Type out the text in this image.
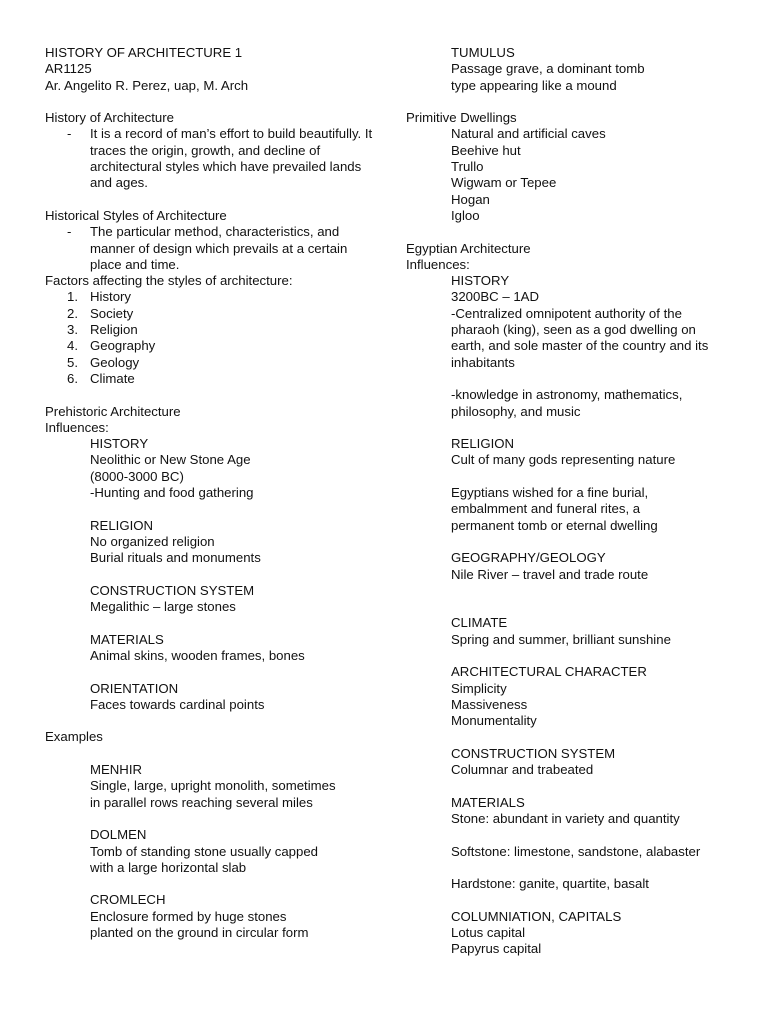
HISTORY OF ARCHITECTURE 1
AR1125
Ar. Angelito R. Perez, uap, M. Arch
History of Architecture
- It is a record of man’s effort to build beautifully. It traces the origin, growth, and decline of architectural styles which have prevailed lands and ages.
Historical Styles of Architecture
- The particular method, characteristics, and manner of design which prevails at a certain place and time.
Factors affecting the styles of architecture:
1. History
2. Society
3. Religion
4. Geography
5. Geology
6. Climate
Prehistoric Architecture
Influences:
HISTORY
Neolithic or New Stone Age
(8000-3000 BC)
-Hunting and food gathering
RELIGION
No organized religion
Burial rituals and monuments
CONSTRUCTION SYSTEM
Megalithic – large stones
MATERIALS
Animal skins, wooden frames, bones
ORIENTATION
Faces towards cardinal points
Examples
MENHIR
Single, large, upright monolith, sometimes
in parallel rows reaching several miles
DOLMEN
Tomb of standing stone usually capped
with a large horizontal slab
CROMLECH
Enclosure formed by huge stones
planted on the ground in circular form
TUMULUS
Passage grave, a dominant tomb
type appearing like a mound
Primitive Dwellings
Natural and artificial caves
Beehive hut
Trullo
Wigwam or Tepee
Hogan
Igloo
Egyptian Architecture
Influences:
HISTORY
3200BC – 1AD
-Centralized omnipotent authority of the
pharaoh (king), seen as a god dwelling on
earth, and sole master of the country and its
inhabitants
-knowledge in astronomy, mathematics,
philosophy, and music
RELIGION
Cult of many gods representing nature
Egyptians wished for a fine burial,
embalmment and funeral rites, a
permanent tomb or eternal dwelling
GEOGRAPHY/GEOLOGY
Nile River – travel and trade route
CLIMATE
Spring and summer, brilliant sunshine
ARCHITECTURAL CHARACTER
Simplicity
Massiveness
Monumentality
CONSTRUCTION SYSTEM
Columnar and trabeated
MATERIALS
Stone: abundant in variety and quantity
Softstone: limestone, sandstone, alabaster
Hardstone: ganite, quartite, basalt
COLUMNIATION, CAPITALS
Lotus capital
Papyrus capital
